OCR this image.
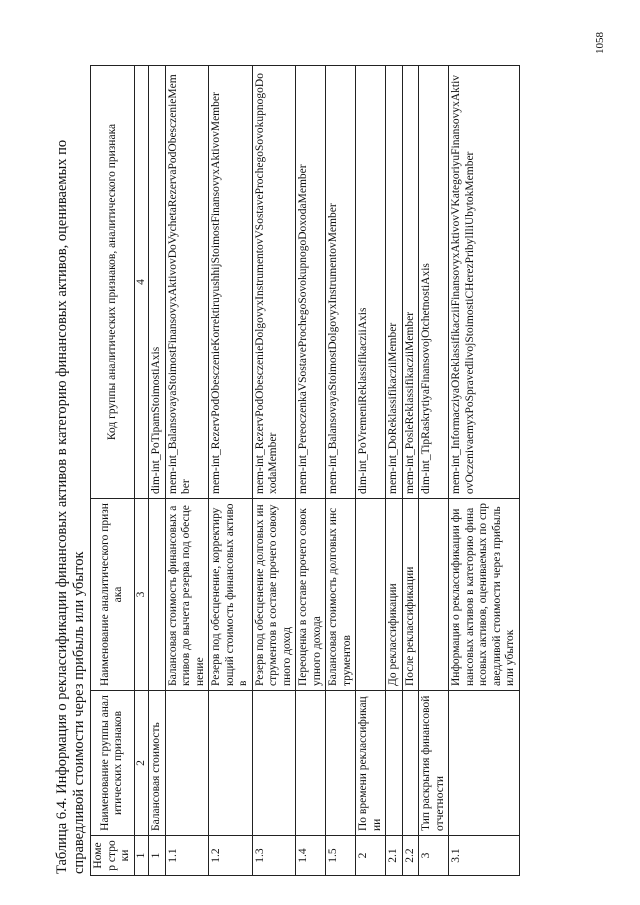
1058
Таблица 6.4. Информация о реклассификации финансовых активов в категорию финансовых активов, оцениваемых по справедливой стоимости через прибыль или убыток Номер строки	Наименование группы аналитических признаков	Наименование аналитического признака	Код группы аналитических признаков, аналитического признака
1	2	3	4
1	Балансовая стоимость		dim-int_PoTipamStoimostiAxis
1.1		Балансовая стоимость финансовых активов до вычета резерва под обесценение	mem-int_BalansovayaStoimostFinansovyxAktivovDoVychetaRezervaPodObesczenieMember
1.2		Резерв под обесценение, корректирующий стоимость финансовых активов	mem-int_RezervPodObesczenieKorrektiruyushhijStoimostFinansovyxAktivovMember
1.3		Резерв под обесценение долговых инструментов в составе прочего совокупного доход	mem-int_RezervPodObesczenieDolgovyxInstrumentovVSostaveProchegoSovokupnogoDoxodaMember
1.4		Переоценка в составе прочего совокупного дохода	mem-int_PereoczenkaVSostaveProchegoSovokupnogoDoxodaMember
1.5		Балансовая стоимость долговых инструментов	mem-int_BalansovayaStoimostDolgovyxInstrumentovMember
2	По времени реклассификации		dim-int_PoVremeniReklassifikacziiAxis
2.1		До реклассификации	mem-int_DoReklassifikacziiMember
2.2		После реклассификации	mem-int_PosleReklassifikacziiMember
3	Тип раскрытия финансовой отчетности		dim-int_TipRaskrytiyaFinansovojOtchetnostiAxis
3.1		Информация о реклассификации финансовых активов в категорию финансовых активов, оцениваемых по справедливой стоимости через прибыль или убыток	mem-int_InformacziyaOReklassifikacziiFinansovyxAktivovVKategoriyuFinansovyxAktivovOczenivaemyxPoSpravedlivojStoimostiCHerezPribylIliUbytokMember
